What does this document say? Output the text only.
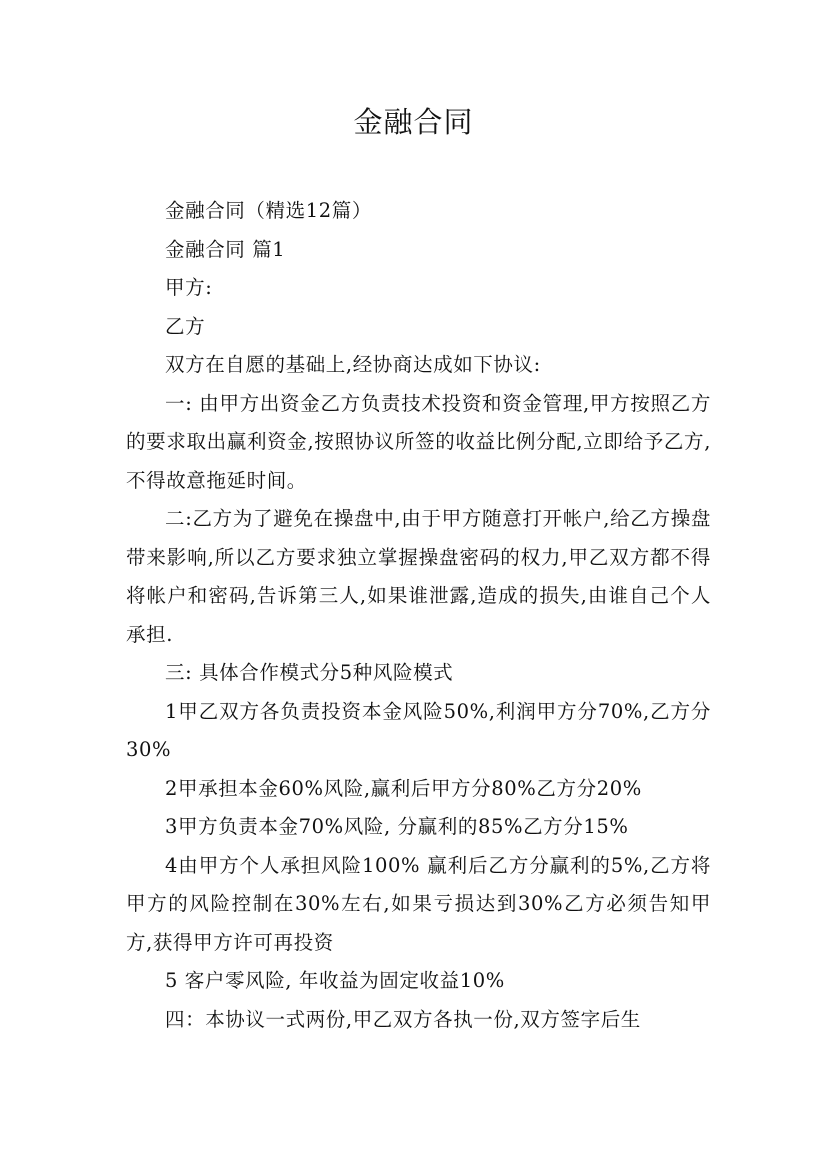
金融合同

金融合同（精选12篇）

金融合同 篇1

甲方:

乙方

双方在自愿的基础上,经协商达成如下协议:

一: 由甲方出资金乙方负责技术投资和资金管理,甲方按照乙方的要求取出赢利资金,按照协议所签的收益比例分配,立即给予乙方,不得故意拖延时间。

二:乙方为了避免在操盘中,由于甲方随意打开帐户,给乙方操盘带来影响,所以乙方要求独立掌握操盘密码的权力,甲乙双方都不得将帐户和密码,告诉第三人,如果谁泄露,造成的损失,由谁自己个人承担.

三: 具体合作模式分5种风险模式

1甲乙双方各负责投资本金风险50%,利润甲方分70%,乙方分30%

2甲承担本金60%风险,赢利后甲方分80%乙方分20%

3甲方负责本金70%风险, 分赢利的85%乙方分15%

4由甲方个人承担风险100% 赢利后乙方分赢利的5%,乙方将甲方的风险控制在30%左右,如果亏损达到30%乙方必须告知甲方,获得甲方许可再投资

5 客户零风险, 年收益为固定收益10%

四：本协议一式两份,甲乙双方各执一份,双方签字后生
